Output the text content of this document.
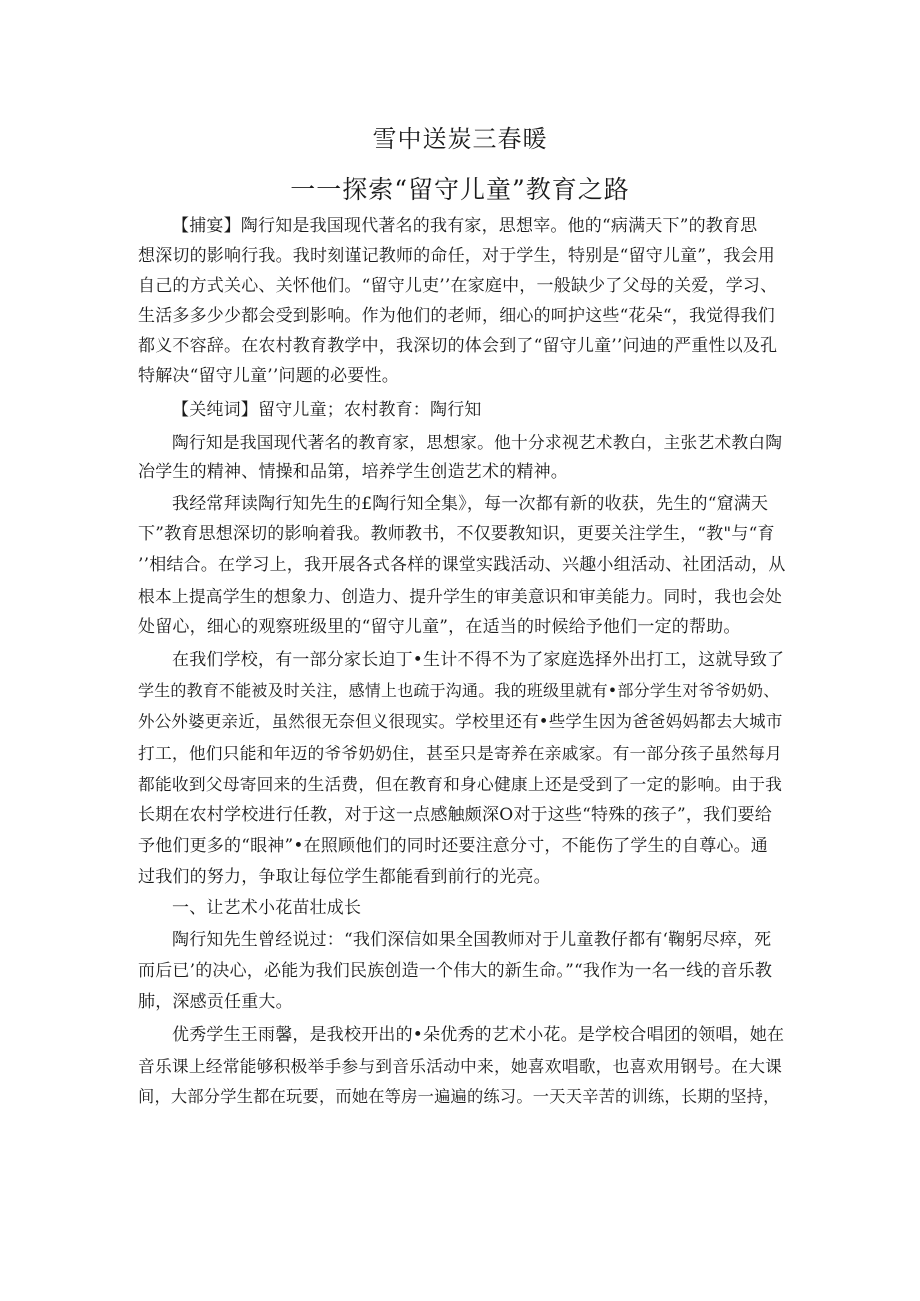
雪中送炭三春暖
一一探索“留守儿童”教育之路
【捕宴】陶行知是我国现代著名的我有家，思想宰。他的“病满天下”的教育思
想深切的影响行我。我时刻谨记教师的命任，对于学生，特别是“留守儿童”，我会用
自己的方式关心、关怀他们。“留守儿吏’’在家庭中，一般缺少了父母的关爱，学习、
生活多多少少都会受到影响。作为他们的老师，细心的呵护这些“花朵“，我觉得我们
都义不容辞。在农村教育教学中，我深切的体会到了“留守儿童’’问迪的严重性以及孔
特解决“留守儿童’’问题的必要性。
【关纯词】留守儿童；农村教育：陶行知
陶行知是我国现代著名的教育家，思想家。他十分求视艺术教白，主张艺术教白陶
冶学生的精神、情操和品第，培养学生创造艺术的精神。
我经常拜读陶行知先生的£陶行知全集》，每一次都有新的收获，先生的“窟满天
下”教育思想深切的影响着我。教师教书，不仅要教知识，更要关注学生，“教"与“育
’’相结合。在学习上，我开展各式各样的课堂实践活动、兴趣小组活动、社团活动，从
根本上提高学生的想象力、创造力、提升学生的审美意识和审美能力。同时，我也会处
处留心，细心的观察班级里的“留守儿童”，在适当的时候给予他们一定的帮助。
在我们学校，有一部分家长迫丁•生计不得不为了家庭选择外出打工，这就导致了
学生的教育不能被及时关注，感情上也疏于沟通。我的班级里就有•部分学生对爷爷奶奶、
外公外婆更亲近，虽然很无奈但义很现实。学校里还有•些学生因为爸爸妈妈都去大城市
打工，他们只能和年迈的爷爷奶奶住，甚至只是寄养在亲戚家。有一部分孩子虽然每月
都能收到父母寄回来的生活费，但在教育和身心健康上还是受到了一定的影响。由于我
长期在农村学校进行任教，对于这一点感触颇深O对于这些“特殊的孩子”，我们要给
予他们更多的“眼神”•在照顾他们的同时还要注意分寸，不能伤了学生的自尊心。通
过我们的努力，争取让每位学生都能看到前行的光亮。
一、让艺术小花苗壮成长
陶行知先生曾经说过：“我们深信如果全国教师对于儿童教仔都有‘鞠躬尽瘁，死
而后已’的决心，必能为我们民族创造一个伟大的新生命。”“我作为一名一线的音乐教
肺，深感贡任重大。
优秀学生王雨馨，是我校开出的•朵优秀的艺术小花。是学校合唱团的领唱，她在
音乐课上经常能够积极举手参与到音乐活动中来，她喜欢唱歌，也喜欢用钢号。在大课
间，大部分学生都在玩要，而她在等房一遍遍的练习。一天天辛苦的训练，长期的坚持，
